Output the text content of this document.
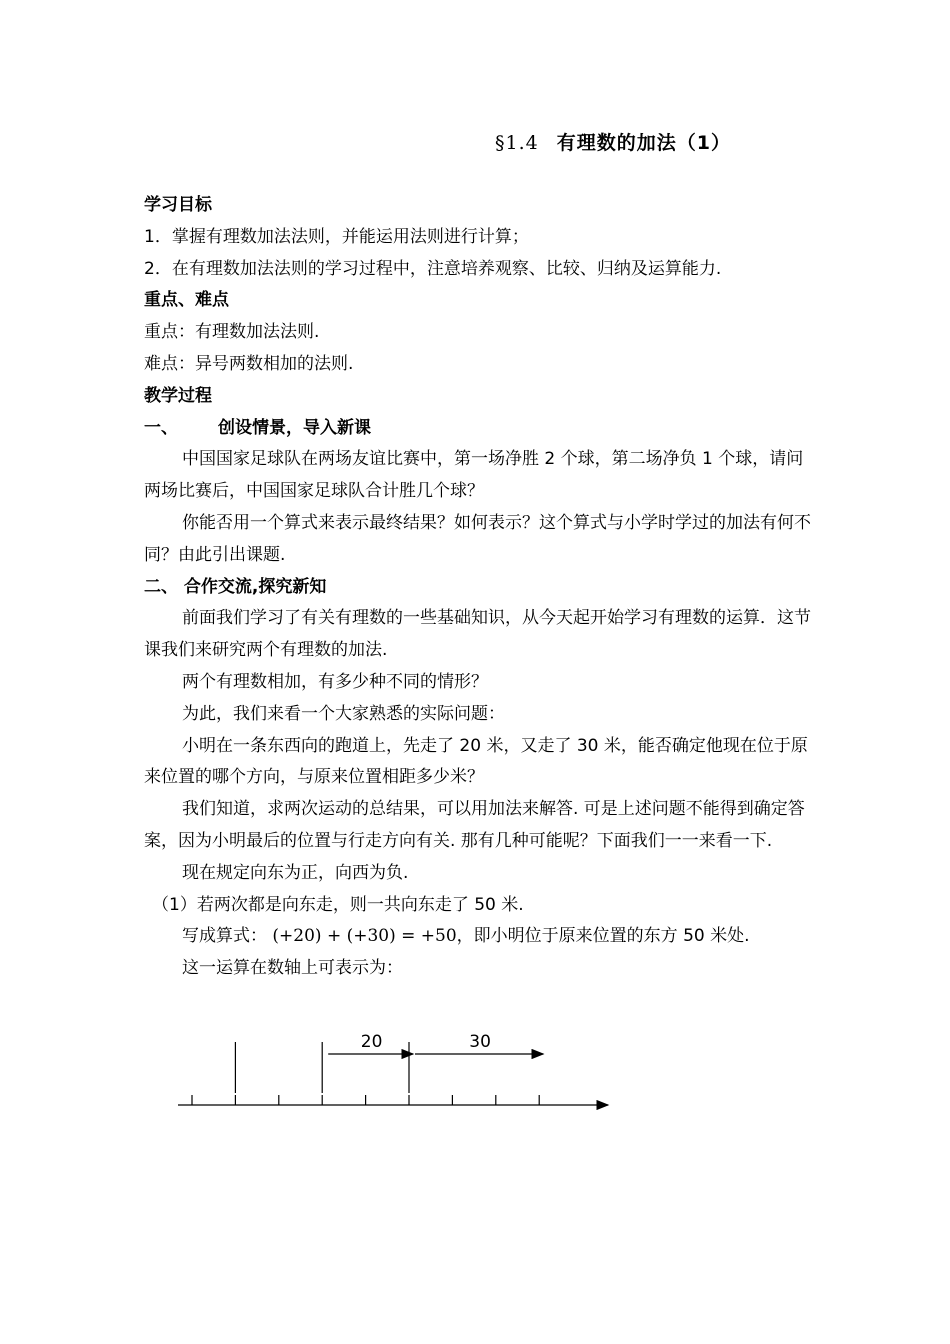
§1.4 有理数的加法（1）

学习目标

1．掌握有理数加法法则，并能运用法则进行计算；

2．在有理数加法法则的学习过程中，注意培养观察、比较、归纳及运算能力.

重点、难点

重点：有理数加法法则.

难点：异号两数相加的法则.

教学过程

一、 创设情景，导入新课

中国国家足球队在两场友谊比赛中，第一场净胜 2 个球，第二场净负 1 个球，请问两场比赛后，中国国家足球队合计胜几个球？

你能否用一个算式来表示最终结果？如何表示？这个算式与小学时学过的加法有何不同？由此引出课题.

二、 合作交流,探究新知

前面我们学习了有关有理数的一些基础知识，从今天起开始学习有理数的运算．这节课我们来研究两个有理数的加法.

两个有理数相加，有多少种不同的情形？

为此，我们来看一个大家熟悉的实际问题：

小明在一条东西向的跑道上，先走了 20 米，又走了 30 米，能否确定他现在位于原来位置的哪个方向，与原来位置相距多少米？

我们知道，求两次运动的总结果，可以用加法来解答. 可是上述问题不能得到确定答案，因为小明最后的位置与行走方向有关. 那有几种可能呢？下面我们一一来看一下.

现在规定向东为正，向西为负.

（1）若两次都是向东走，则一共向东走了 50 米.

写成算式： (+20) + (+30) = +50，即小明位于原来位置的东方 50 米处.

这一运算在数轴上可表示为：

20	30
